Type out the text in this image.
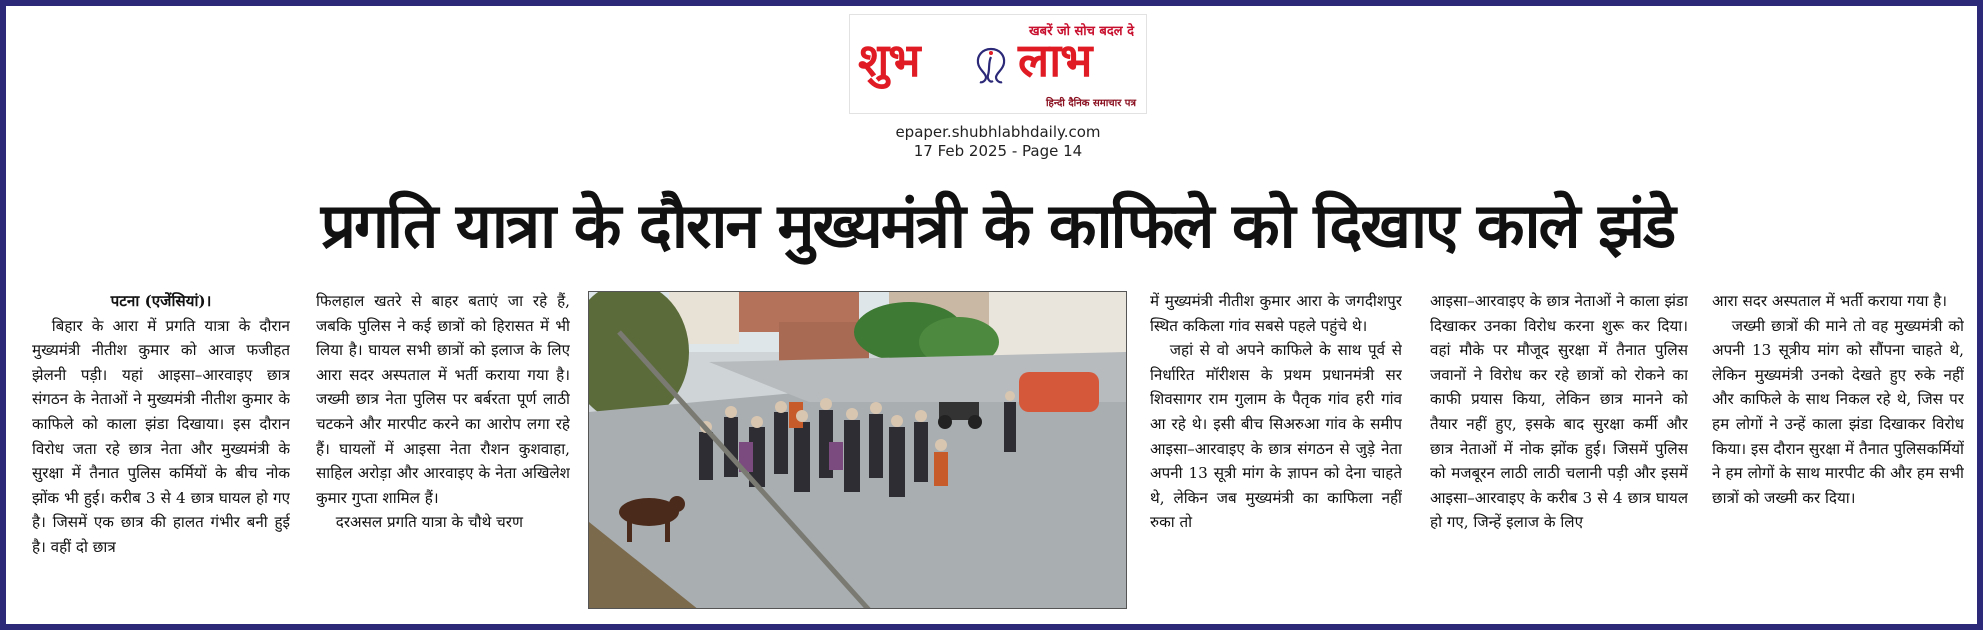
खबरें जो सोच बदल दे
शुभ लाभ
हिन्दी दैनिक समाचार पत्र
epaper.shubhlabhdaily.com
17 Feb 2025 - Page 14
प्रगति यात्रा के दौरान मुख्यमंत्री के काफिले को दिखाए काले झंडे

पटना (एजेंसियां)।

बिहार के आरा में प्रगति यात्रा के दौरान मुख्यमंत्री नीतीश कुमार को आज फजीहत झेलनी पड़ी। यहां आइसा–आरवाइए छात्र संगठन के नेताओं ने मुख्यमंत्री नीतीश कुमार के काफिले को काला झंडा दिखाया। इस दौरान विरोध जता रहे छात्र नेता और मुख्यमंत्री के सुरक्षा में तैनात पुलिस कर्मियों के बीच नोक झोंक भी हुई। करीब 3 से 4 छात्र घायल हो गए है। जिसमें एक छात्र की हालत गंभीर बनी हुई है। वहीं दो छात्र

फिलहाल खतरे से बाहर बताएं जा रहे हैं, जबकि पुलिस ने कई छात्रों को हिरासत में भी लिया है। घायल सभी छात्रों को इलाज के लिए आरा सदर अस्पताल में भर्ती कराया गया है। जख्मी छात्र नेता पुलिस पर बर्बरता पूर्ण लाठी चटकने और मारपीट करने का आरोप लगा रहे हैं। घायलों में आइसा नेता रौशन कुशवाहा, साहिल अरोड़ा और आरवाइए के नेता अखिलेश कुमार गुप्ता शामिल हैं।

दरअसल प्रगति यात्रा के चौथे चरण

में मुख्यमंत्री नीतीश कुमार आरा के जगदीशपुर स्थित ककिला गांव सबसे पहले पहुंचे थे।

जहां से वो अपने काफिले के साथ पूर्व से निर्धारित मॉरीशस के प्रथम प्रधानमंत्री सर शिवसागर राम गुलाम के पैतृक गांव हरी गांव आ रहे थे। इसी बीच सिअरुआ गांव के समीप आइसा–आरवाइए के छात्र संगठन से जुड़े नेता अपनी 13 सूत्री मांग के ज्ञापन को देना चाहते थे, लेकिन जब मुख्यमंत्री का काफिला नहीं रुका तो

आइसा–आरवाइए के छात्र नेताओं ने काला झंडा दिखाकर उनका विरोध करना शुरू कर दिया। वहां मौके पर मौजूद सुरक्षा में तैनात पुलिस जवानों ने विरोध कर रहे छात्रों को रोकने का काफी प्रयास किया, लेकिन छात्र मानने को तैयार नहीं हुए, इसके बाद सुरक्षा कर्मी और छात्र नेताओं में नोक झोंक हुई। जिसमें पुलिस को मजबूरन लाठी लाठी चलानी पड़ी और इसमें आइसा–आरवाइए के करीब 3 से 4 छात्र घायल हो गए, जिन्हें इलाज के लिए

आरा सदर अस्पताल में भर्ती कराया गया है।

जख्मी छात्रों की माने तो वह मुख्यमंत्री को अपनी 13 सूत्रीय मांग को सौंपना चाहते थे, लेकिन मुख्यमंत्री उनको देखते हुए रुके नहीं और काफिले के साथ निकल रहे थे, जिस पर हम लोगों ने उन्हें काला झंडा दिखाकर विरोध किया। इस दौरान सुरक्षा में तैनात पुलिसकर्मियों ने हम लोगों के साथ मारपीट की और हम सभी छात्रों को जख्मी कर दिया।
